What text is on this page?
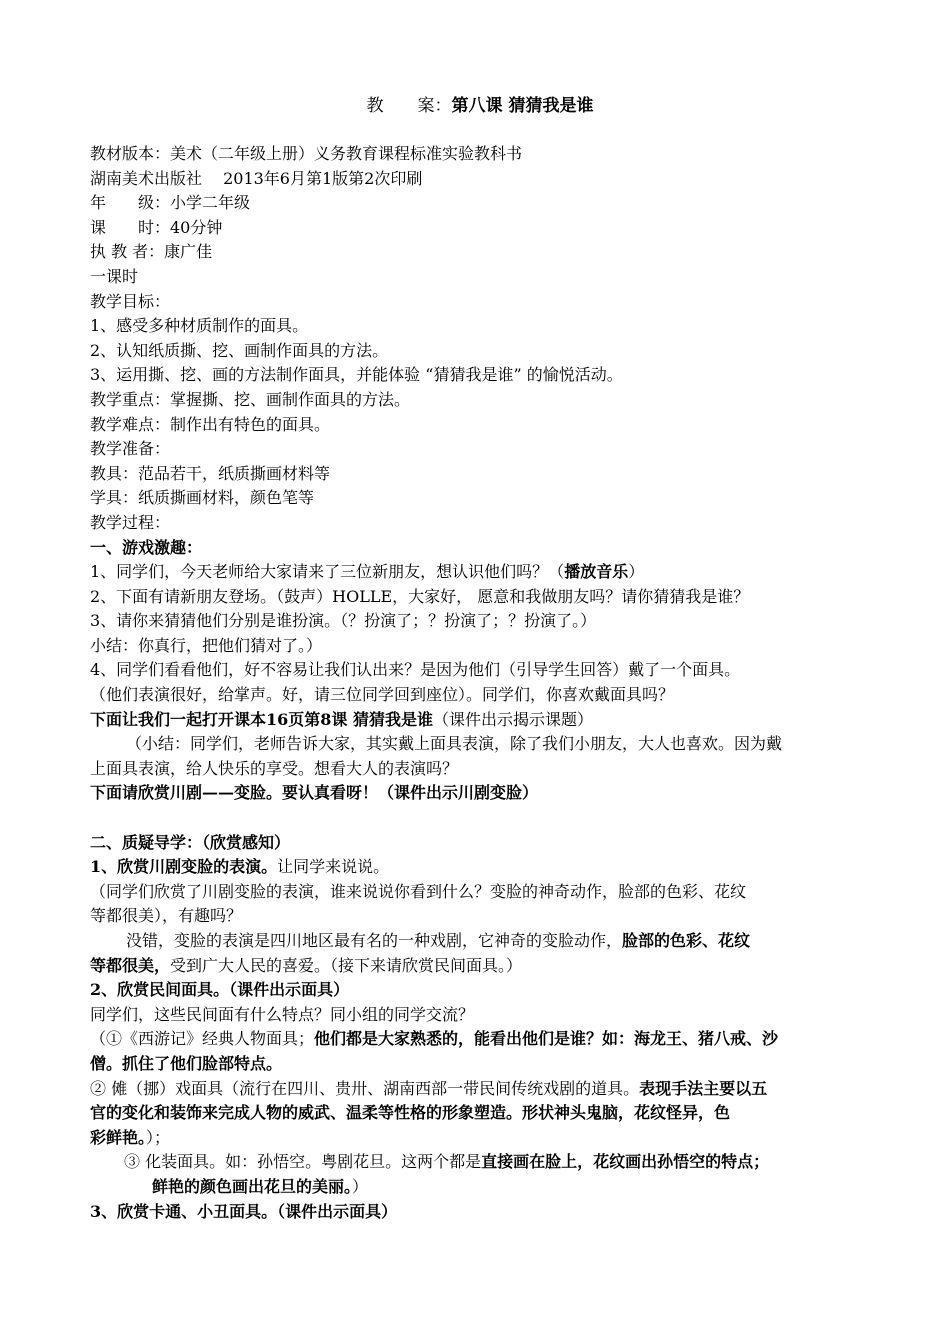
教　　案：第八课 猜猜我是谁
教材版本：美术（二年级上册）义务教育课程标准实验教科书
湖南美术出版社　 2013年6月第1版第2次印刷
年　　级：小学二年级
课　　时：40分钟
执 教 者：康广佳
一课时
教学目标：
1、感受多种材质制作的面具。
2、认知纸质撕、挖、画制作面具的方法。
3、运用撕、挖、画的方法制作面具，并能体验 “猜猜我是谁” 的愉悦活动。
教学重点：掌握撕、挖、画制作面具的方法。
教学难点：制作出有特色的面具。
教学准备：
教具：范品若干，纸质撕画材料等
学具：纸质撕画材料，颜色笔等
教学过程：
一、游戏激趣：
1、同学们，今天老师给大家请来了三位新朋友，想认识他们吗？（播放音乐）
2、下面有请新朋友登场。（鼓声）HOLLE，大家好， 愿意和我做朋友吗？请你猜猜我是谁？
3、请你来猜猜他们分别是谁扮演。（？扮演了；？扮演了；？扮演了。）
小结：你真行，把他们猜对了。）
4、同学们看看他们，好不容易让我们认出来？是因为他们（引导学生回答）戴了一个面具。
（他们表演很好，给掌声。好，请三位同学回到座位）。同学们，你喜欢戴面具吗？
下面让我们一起打开课本16页第8课 猜猜我是谁（课件出示揭示课题）
（小结：同学们，老师告诉大家，其实戴上面具表演，除了我们小朋友，大人也喜欢。因为戴
上面具表演，给人快乐的享受。想看大人的表演吗？
下面请欣赏川剧——变脸。要认真看呀！（课件出示川剧变脸）
二、质疑导学：（欣赏感知）
1、欣赏川剧变脸的表演。让同学来说说。
（同学们欣赏了川剧变脸的表演，谁来说说你看到什么？变脸的神奇动作，脸部的色彩、花纹
等都很美），有趣吗？
没错，变脸的表演是四川地区最有名的一种戏剧，它神奇的变脸动作，脸部的色彩、花纹
等都很美，受到广大人民的喜爱。（接下来请欣赏民间面具。）
2、欣赏民间面具。（课件出示面具）
同学们，这些民间面有什么特点？同小组的同学交流？
（①《西游记》经典人物面具；他们都是大家熟悉的，能看出他们是谁？如：海龙王、猪八戒、沙
僧。抓住了他们脸部特点。
② 傩（挪）戏面具（流行在四川、贵卅、湖南西部一带民间传统戏剧的道具。表现手法主要以五
官的变化和装饰来完成人物的威武、温柔等性格的形象塑造。形状神头鬼脑，花纹怪异，色
彩鲜艳。）；
③ 化装面具。如：孙悟空。粤剧花旦。这两个都是直接画在脸上，花纹画出孙悟空的特点；
鲜艳的颜色画出花旦的美丽。）
3、欣赏卡通、小丑面具。（课件出示面具）
